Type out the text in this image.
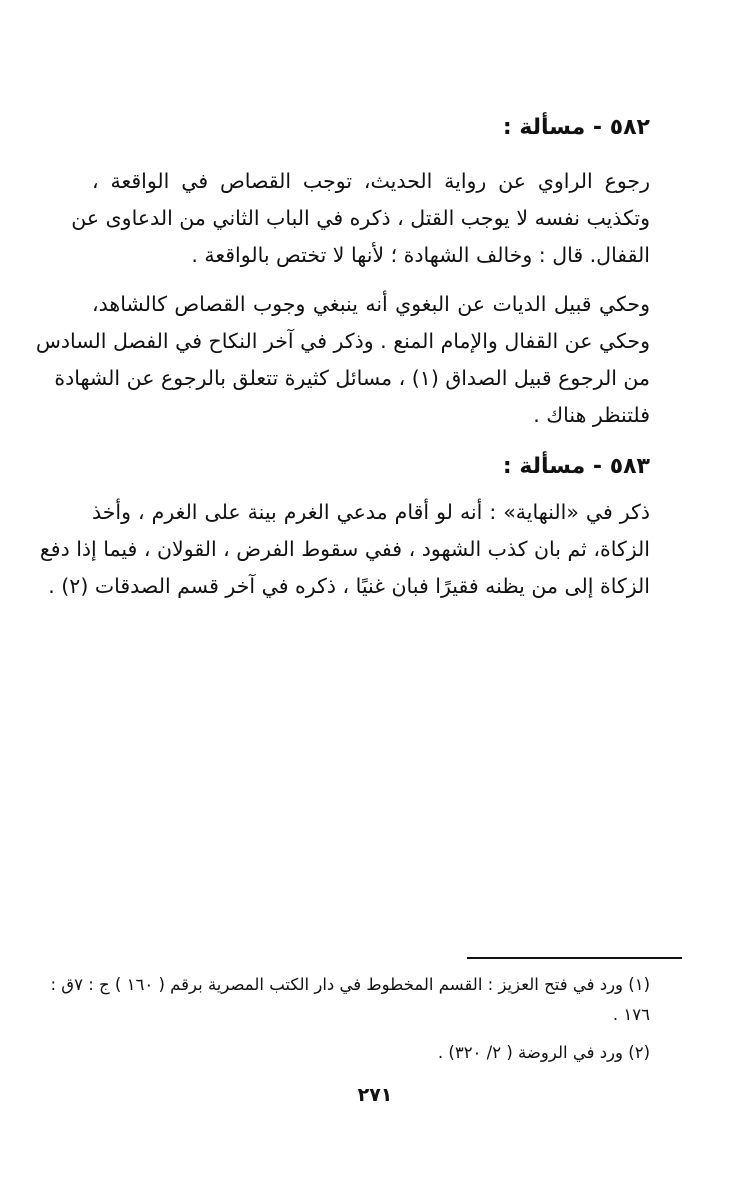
٥٨٢ - مسألة :
رجوع الراوي عن رواية الحديث، توجب القصاص في الواقعة ،
وتكذيب نفسه لا يوجب القتل ، ذكره في الباب الثاني من الدعاوى عن
القفال. قال : وخالف الشهادة ؛ لأنها لا تختص بالواقعة .
وحكي قبيل الديات عن البغوي أنه ينبغي وجوب القصاص كالشاهد،
وحكي عن القفال والإمام المنع . وذكر في آخر النكاح في الفصل السادس
من الرجوع قبيل الصداق (١) ، مسائل كثيرة تتعلق بالرجوع عن الشهادة
فلتنظر هناك .
٥٨٣ - مسألة :
ذكر في «النهاية» : أنه لو أقام مدعي الغرم بينة على الغرم ، وأخذ
الزكاة، ثم بان كذب الشهود ، ففي سقوط الفرض ، القولان ، فيما إذا دفع
الزكاة إلى من يظنه فقيرًا فبان غنيًا ، ذكره في آخر قسم الصدقات (٢) .
(١) ورد في فتح العزيز : القسم المخطوط في دار الكتب المصرية برقم ( ١٦٠ ) ج : ٧ق :
١٧٦ .
(٢) ورد في الروضة ( ٢/ ٣٢٠) .
٢٧١
